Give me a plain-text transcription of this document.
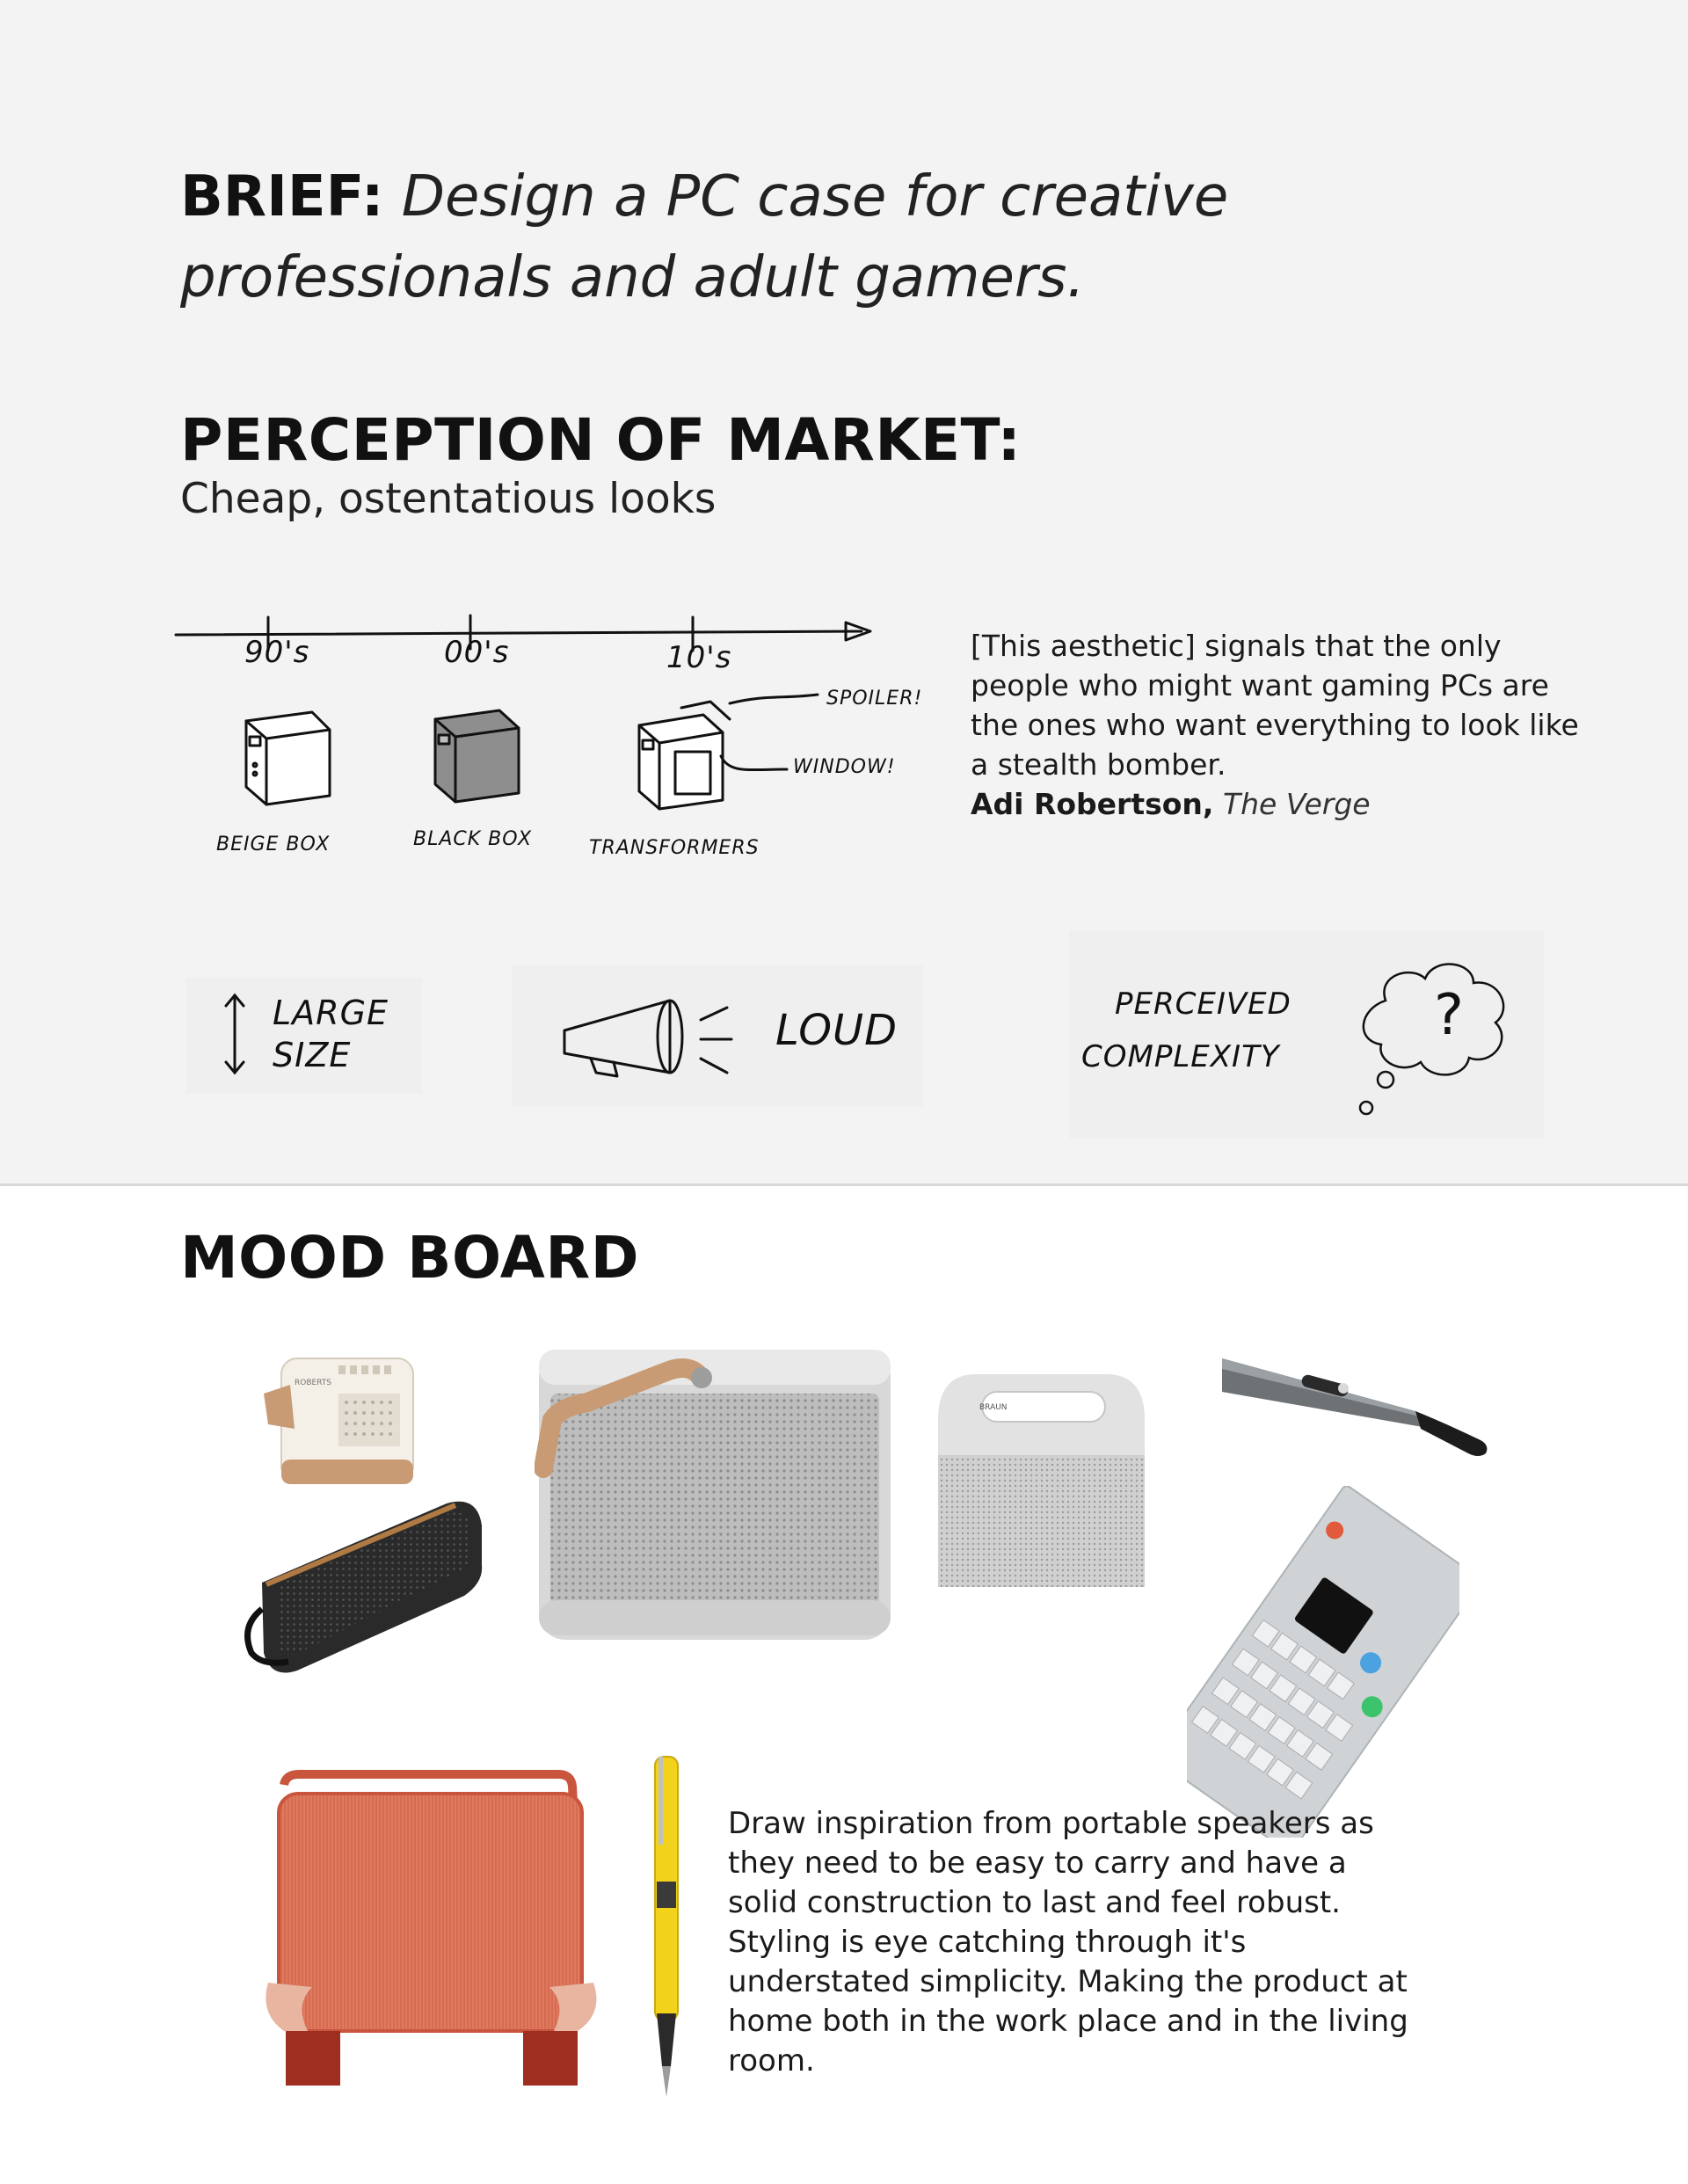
BRIEF: Design a PC case for creative professionals and adult gamers.
PERCEPTION OF MARKET:
Cheap, ostentatious looks
90's	00's	10's
SPOILER!
WINDOW!
BEIGE BOX	BLACK BOX	TRANSFORMERS
[This aesthetic] signals that the only people who might want gaming PCs are the ones who want everything to look like a stealth bomber.
Adi Robertson, The Verge
LARGE
SIZE	LOUD
PERCEIVED
COMPLEXITY
?
MOOD BOARD
ROBERTS
BRAUN
Draw inspiration from portable speakers as they need to be easy to carry and have a solid construction to last and feel robust. Styling is eye catching through it's understated simplicity. Making the product at home both in the work place and in the living room.
